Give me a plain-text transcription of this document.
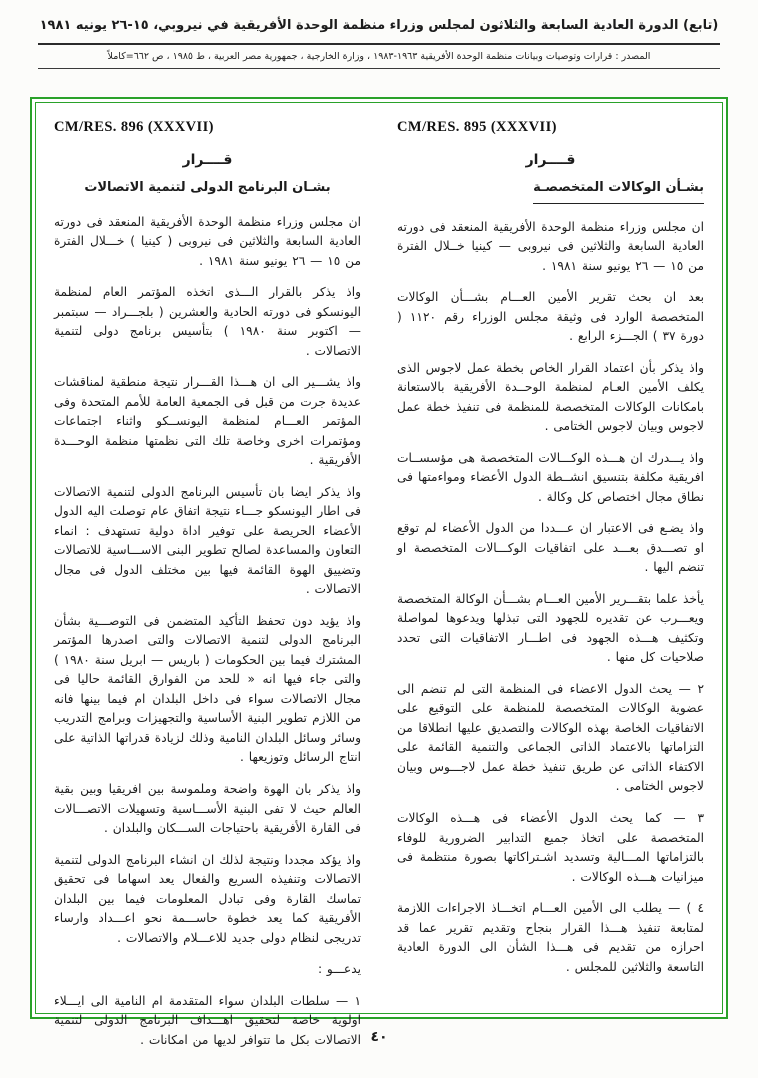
(تابع) الدورة العادية السابعة والثلاثون لمجلس وزراء منظمة الوحدة الأفريقية في نيروبي، ١٥-٢٦ يونيه ١٩٨١
المصدر : قرارات وتوصيات وبيانات منظمة الوحدة الأفريقية ١٩٦٣-١٩٨٣ ، وزارة الخارجية ، جمهورية مصر العربية ، ط ١٩٨٥ ، ص ٦٦٢=كاملاً
CM/RES. 895 (XXXVII)
قــــرار
بشـأن الوكالات المتخصصـة

ان مجلس وزراء منظمة الوحدة الأفريقية المنعقد فى دورته العادية السابعة والثلاثين فى نيروبى — كينيا خــلال الفترة من ١٥ — ٢٦ يونيو سنة ١٩٨١ .

بعد ان بحث تقرير الأمين العـــام بشـــأن الوكالات المتخصصة الوارد فى وثيقة مجلس الوزراء رقم ١١٢٠ ( دورة ٣٧ ) الجـــزء الرابع .

واذ يذكر بأن اعتماد القرار الخاص بخطة عمل لاجوس الذى يكلف الأمين العـام لمنظمة الوحــدة الأفريقية بالاستعانة بامكانات الوكالات المتخصصة للمنظمة فى تنفيذ خطة عمل لاجوس وبيان لاجوس الختامى .

واذ يـــدرك ان هـــذه الوكـــالات المتخصصة هى مؤسســات افريقية مكلفة بتنسيق انشــطة الدول الأعضاء ومواءمتها فى نطاق مجال اختصاص كل وكالة .

واذ يضـع فى الاعتبار ان عـــددا من الدول الأعضاء لم توقع او تصـــدق بعـــد على اتفاقيات الوكـــالات المتخصصة او تنضم اليها .

يأخذ علما بتقـــرير الأمين العـــام بشـــأن الوكالة المتخصصة ويعـــرب عن تقديره للجهود التى تبذلها ويدعوها لمواصلة وتكثيف هـــذه الجهود فى اطـــار الاتفاقيات التى تحدد صلاحيات كل منها .

٢ — يحث الدول الاعضاء فى المنظمة التى لم تنضم الى عضوية الوكالات المتخصصة للمنظمة على التوقيع على الاتفاقيات الخاصة بهذه الوكالات والتصديق عليها انطلاقا من التزاماتها بالاعتماد الذاتى الجماعى والتنمية القائمة على الاكتفاء الذاتى عن طريق تنفيذ خطة عمل لاجـــوس وبيان لاجوس الختامى .

٣ — كما يحث الدول الأعضاء فى هـــذه الوكالات المتخصصة على اتخاذ جميع التدابير الضرورية للوفاء بالتزاماتها المـــالية وتسديد اشـتراكاتها بصورة منتظمة فى ميزانيات هـــذه الوكالات .

٤ ) — يطلب الى الأمين العـــام اتخـــاذ الاجراءات اللازمة لمتابعة تنفيذ هـــذا القرار بنجاح وتقديم تقرير عما قد احرازه من تقديم فى هـــذا الشأن الى الدورة العادية التاسعة والثلاثين للمجلس .

CM/RES. 896 (XXXVII)
قــــرار
بشـان البرنامج الدولى لتنمية الاتصالات

ان مجلس وزراء منظمة الوحدة الأفريقية المنعقد فى دورته العادية السابعة والثلاثين فى نيروبى ( كينيا ) خـــلال الفترة من ١٥ — ٢٦ يونيو سنة ١٩٨١ .

واذ يذكر بالقرار الـــذى اتخذه المؤتمر العام لمنظمة اليونسكو فى دورته الحادية والعشرين ( بلجـــراد — سبتمبر — اكتوبر سنة ١٩٨٠ ) بتأسيس برنامج دولى لتنمية الاتصالات .

واذ يشـــير الى ان هـــذا القـــرار نتيجة منطقية لمناقشات عديدة جرت من قبل فى الجمعية العامة للأمم المتحدة وفى المؤتمر العـــام لمنظمة اليونســكو واثناء اجتماعات ومؤتمرات اخرى وخاصة تلك التى نظمتها منظمة الوحـــدة الأفريقية .

واذ يذكر ايضا بان تأسيس البرنامج الدولى لتنمية الاتصالات فى اطار اليونسكو جـــاء نتيجة اتفاق عام توصلت اليه الدول الأعضاء الحريصة على توفير اداة دولية تستهدف : انماء التعاون والمساعدة لصالح تطوير البنى الاســـاسية للاتصالات وتضييق الهوة القائمة فيها بين مختلف الدول فى مجال الاتصالات .

واذ يؤيد دون تحفظ التأكيد المتضمن فى التوصـــية بشأن البرنامج الدولى لتنمية الاتصالات والتى اصدرها المؤتمر المشترك فيما بين الحكومات ( باريس — ابريل سنة ١٩٨٠ ) والتى جاء فيها انه « للحد من الفوارق القائمة حاليا فى مجال الاتصالات سواء فى داخل البلدان ام فيما بينها فانه من اللازم تطوير البنية الأساسية والتجهيزات وبرامج التدريب وسائر وسائل البلدان النامية وذلك لزيادة قدراتها الذاتية على انتاج الرسائل وتوزيعها .

واذ يذكر بان الهوة واضحة وملموسة بين افريقيا وبين بقية العالم حيث لا تفى البنية الأســـاسية وتسهيلات الاتصـــالات فى القارة الأفريقية باحتياجات الســـكان والبلدان .

واذ يؤكد مجددا ونتيجة لذلك ان انشاء البرنامج الدولى لتنمية الاتصالات وتنفيذه السريع والفعال يعد اسهاما فى تحقيق تماسك القارة وفى تبادل المعلومات فيما بين البلدان الأفريقية كما يعد خطوة حاســـمة نحو اعـــداد وارساء تدريجى لنظام دولى جديد للاعـــلام والاتصالات .

يدعـــو :

١ — سلطات البلدان سواء المتقدمة ام النامية الى ايـــلاء اولوية خاصة لتحقيق اهـــداف البرنامج الدولى لتنمية الاتصالات بكل ما تتوافر لديها من امكانات . ٤٠
